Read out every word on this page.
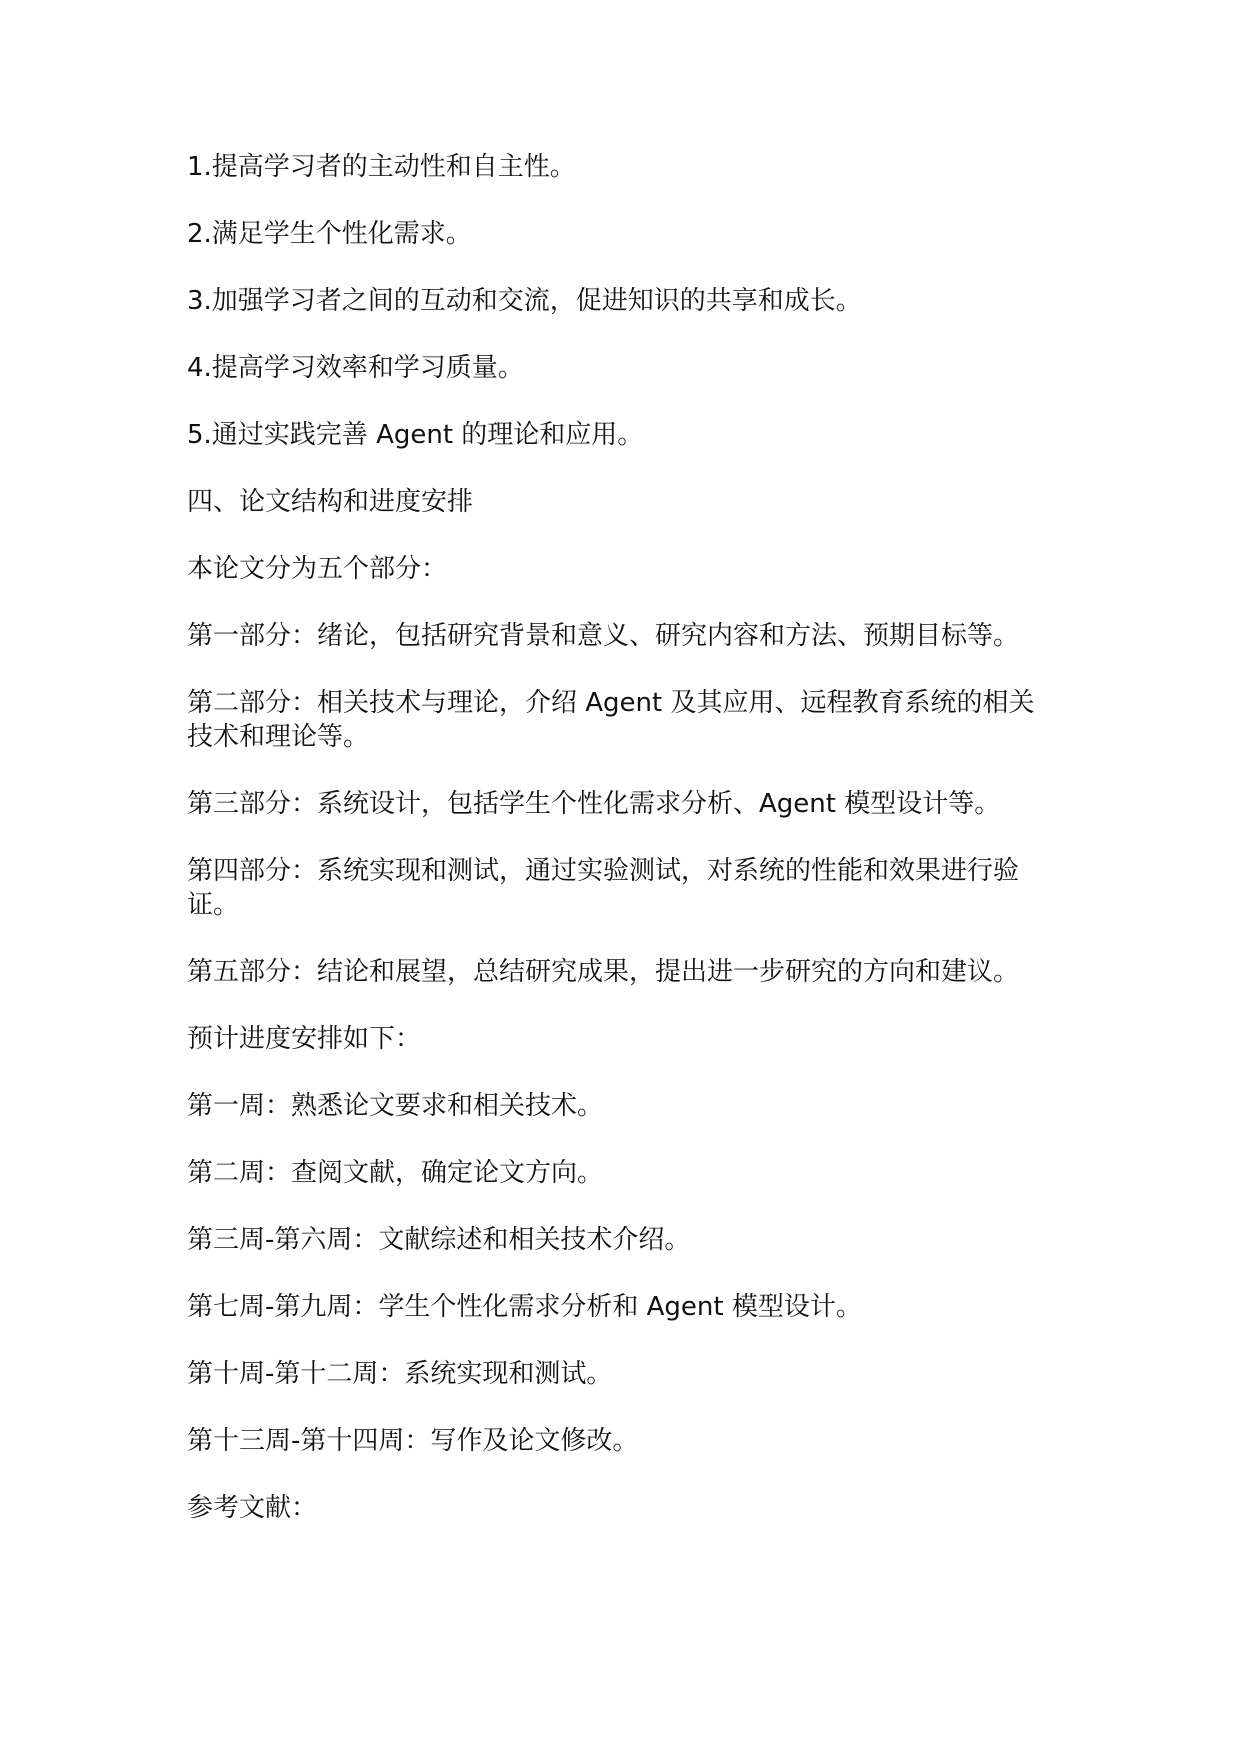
1.提高学习者的主动性和自主性。

2.满足学生个性化需求。

3.加强学习者之间的互动和交流，促进知识的共享和成长。

4.提高学习效率和学习质量。

5.通过实践完善 Agent 的理论和应用。

四、论文结构和进度安排

本论文分为五个部分：

第一部分：绪论，包括研究背景和意义、研究内容和方法、预期目标等。

第二部分：相关技术与理论，介绍 Agent 及其应用、远程教育系统的相关技术和理论等。

第三部分：系统设计，包括学生个性化需求分析、Agent 模型设计等。

第四部分：系统实现和测试，通过实验测试，对系统的性能和效果进行验证。

第五部分：结论和展望，总结研究成果，提出进一步研究的方向和建议。

预计进度安排如下：

第一周：熟悉论文要求和相关技术。

第二周：查阅文献，确定论文方向。

第三周-第六周：文献综述和相关技术介绍。

第七周-第九周：学生个性化需求分析和 Agent 模型设计。

第十周-第十二周：系统实现和测试。

第十三周-第十四周：写作及论文修改。

参考文献：
